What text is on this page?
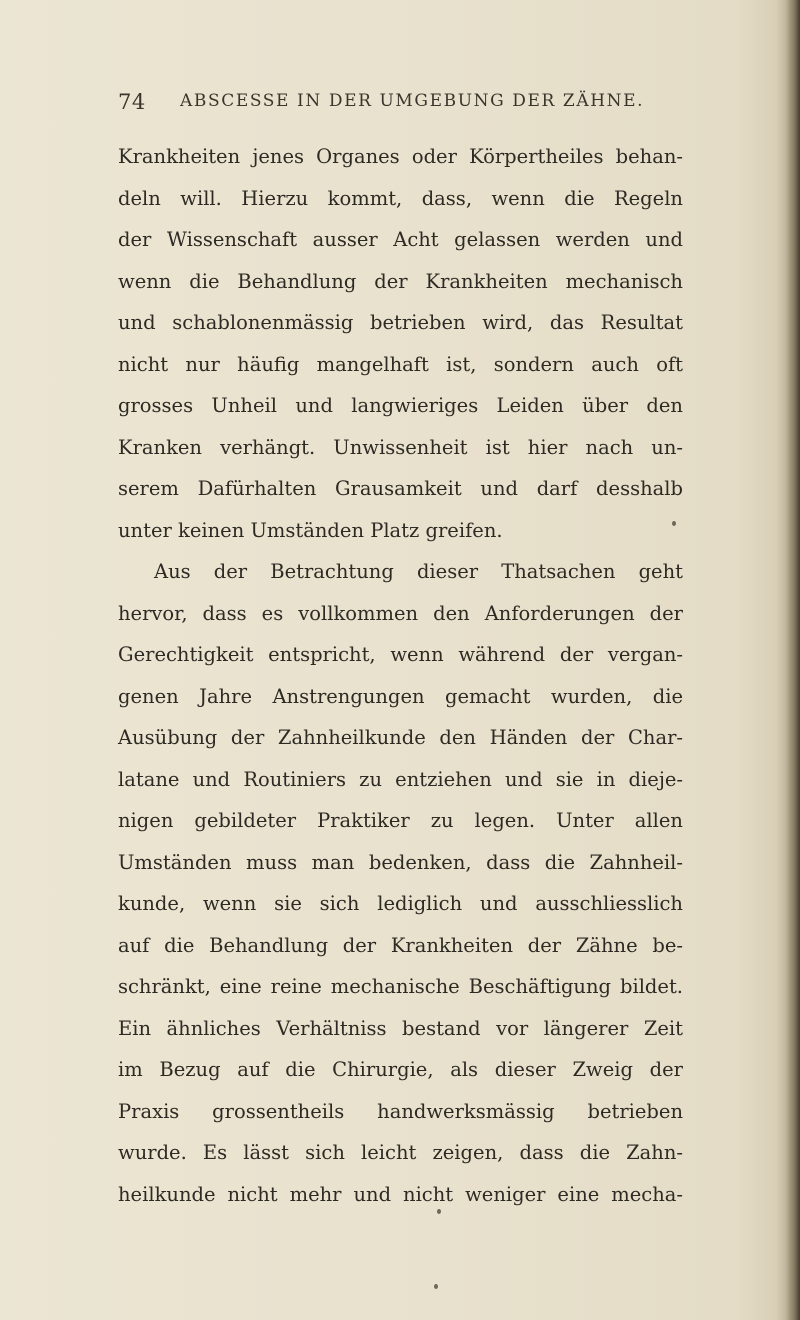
74 ABSCESSE IN DER UMGEBUNG DER ZÄHNE.
Krankheiten jenes Organes oder Körpertheiles behan-
deln will. Hierzu kommt, dass, wenn die Regeln
der Wissenschaft ausser Acht gelassen werden und
wenn die Behandlung der Krankheiten mechanisch
und schablonenmässig betrieben wird, das Resultat
nicht nur häufig mangelhaft ist, sondern auch oft
grosses Unheil und langwieriges Leiden über den
Kranken verhängt. Unwissenheit ist hier nach un-
serem Dafürhalten Grausamkeit und darf desshalb
unter keinen Umständen Platz greifen.
Aus der Betrachtung dieser Thatsachen geht
hervor, dass es vollkommen den Anforderungen der
Gerechtigkeit entspricht, wenn während der vergan-
genen Jahre Anstrengungen gemacht wurden, die
Ausübung der Zahnheilkunde den Händen der Char-
latane und Routiniers zu entziehen und sie in dieje-
nigen gebildeter Praktiker zu legen. Unter allen
Umständen muss man bedenken, dass die Zahnheil-
kunde, wenn sie sich lediglich und ausschliesslich
auf die Behandlung der Krankheiten der Zähne be-
schränkt, eine reine mechanische Beschäftigung bildet.
Ein ähnliches Verhältniss bestand vor längerer Zeit
im Bezug auf die Chirurgie, als dieser Zweig der
Praxis grossentheils handwerksmässig betrieben
wurde. Es lässt sich leicht zeigen, dass die Zahn-
heilkunde nicht mehr und nicht weniger eine mecha-
